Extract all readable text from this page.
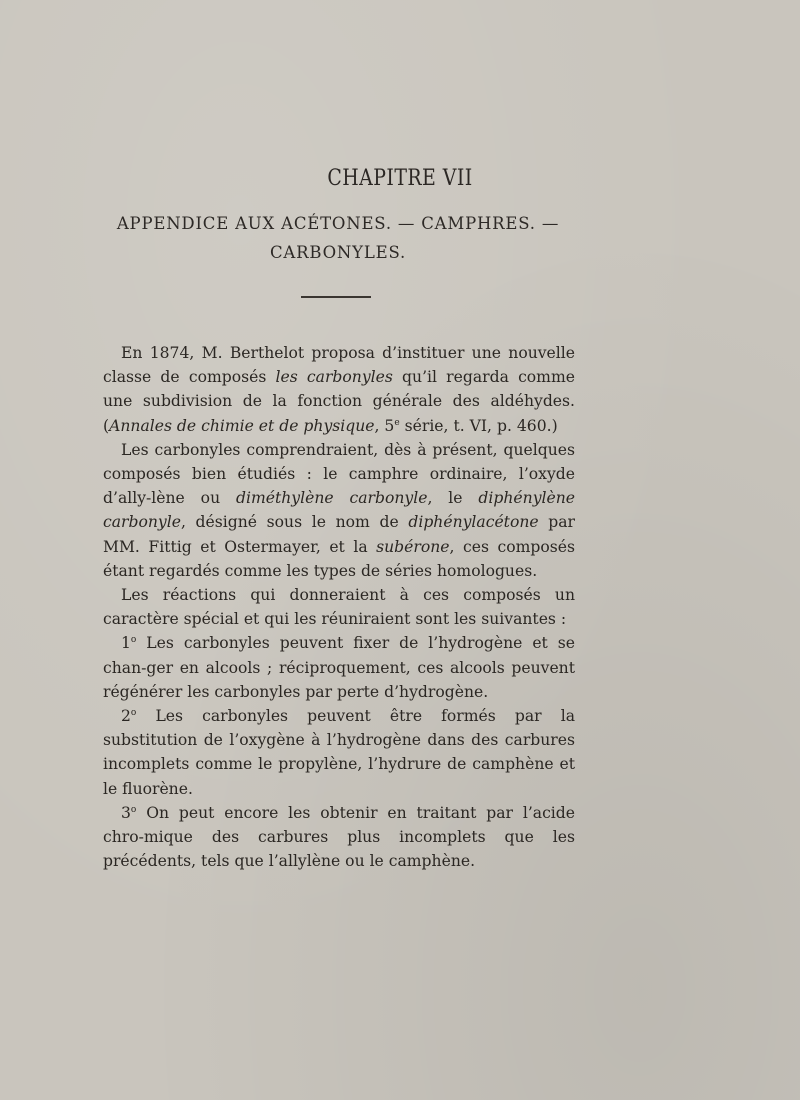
CHAPITRE VII
APPENDICE AUX ACÉTONES. — CAMPHRES. —
CARBONYLES.

En 1874, M. Berthelot proposa d’instituer une nouvelle classe de composés les carbonyles qu’il regarda comme une subdivision de la fonction générale des aldéhydes. (Annales de chimie et de physique, 5e série, t. VI, p. 460.)

Les carbonyles comprendraient, dès à présent, quelques composés bien étudiés : le camphre ordinaire, l’oxyde d’ally-lène ou diméthylène carbonyle, le diphénylène carbonyle, désigné sous le nom de diphénylacétone par MM. Fittig et Ostermayer, et la subérone, ces composés étant regardés comme les types de séries homologues.

Les réactions qui donneraient à ces composés un caractère spécial et qui les réuniraient sont les suivantes :

1$^o$ Les carbonyles peuvent fixer de l’hydrogène et se chan-ger en alcools ; réciproquement, ces alcools peuvent régénérer les carbonyles par perte d’hydrogène.

2$^o$ Les carbonyles peuvent être formés par la substitution de l’oxygène à l’hydrogène dans des carbures incomplets comme le propylène, l’hydrure de camphène et le fluorène.

3$^o$ On peut encore les obtenir en traitant par l’acide chro-mique des carbures plus incomplets que les précédents, tels que l’allylène ou le camphène.
